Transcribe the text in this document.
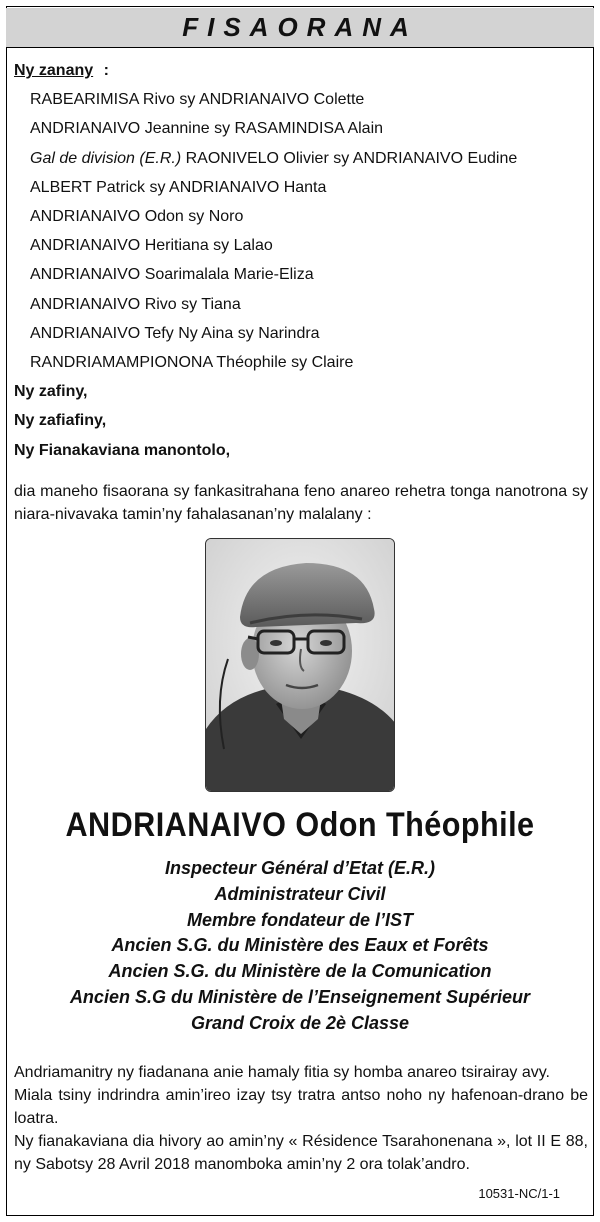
FISAORANA
Ny zanany :
RABEARIMISA Rivo sy ANDRIANAIVO Colette
ANDRIANAIVO Jeannine sy RASAMINDISA Alain
Gal de division (E.R.) RAONIVELO Olivier sy ANDRIANAIVO Eudine
ALBERT Patrick sy ANDRIANAIVO Hanta
ANDRIANAIVO Odon sy Noro
ANDRIANAIVO Heritiana sy Lalao
ANDRIANAIVO Soarimalala Marie-Eliza
ANDRIANAIVO Rivo sy Tiana
ANDRIANAIVO Tefy Ny Aina sy Narindra
RANDRIAMAMPIONONA Théophile sy Claire
Ny zafiny,
Ny zafiafiny,
Ny Fianakaviana manontolo,
dia maneho fisaorana sy fankasitrahana feno anareo rehetra tonga nanotrona sy niara-nivavaka tamin’ny fahalasanan’ny malalany :
ANDRIANAIVO Odon Théophile
Inspecteur Général d’Etat (E.R.)
Administrateur Civil
Membre fondateur de l’IST
Ancien S.G. du Ministère des Eaux et Forêts
Ancien S.G. du Ministère de la Comunication
Ancien S.G du Ministère de l’Enseignement Supérieur
Grand Croix de 2è Classe

Andriamanitry ny fiadanana anie hamaly fitia sy homba anareo tsirairay avy.

Miala tsiny indrindra amin’ireo izay tsy tratra antso noho ny hafenoan-drano be loatra.

Ny fianakaviana dia hivory ao amin’ny « Résidence Tsarahonenana », lot II E 88, ny Sabotsy 28 Avril 2018 manomboka amin’ny 2 ora tolak’andro.

10531-NC/1-1
